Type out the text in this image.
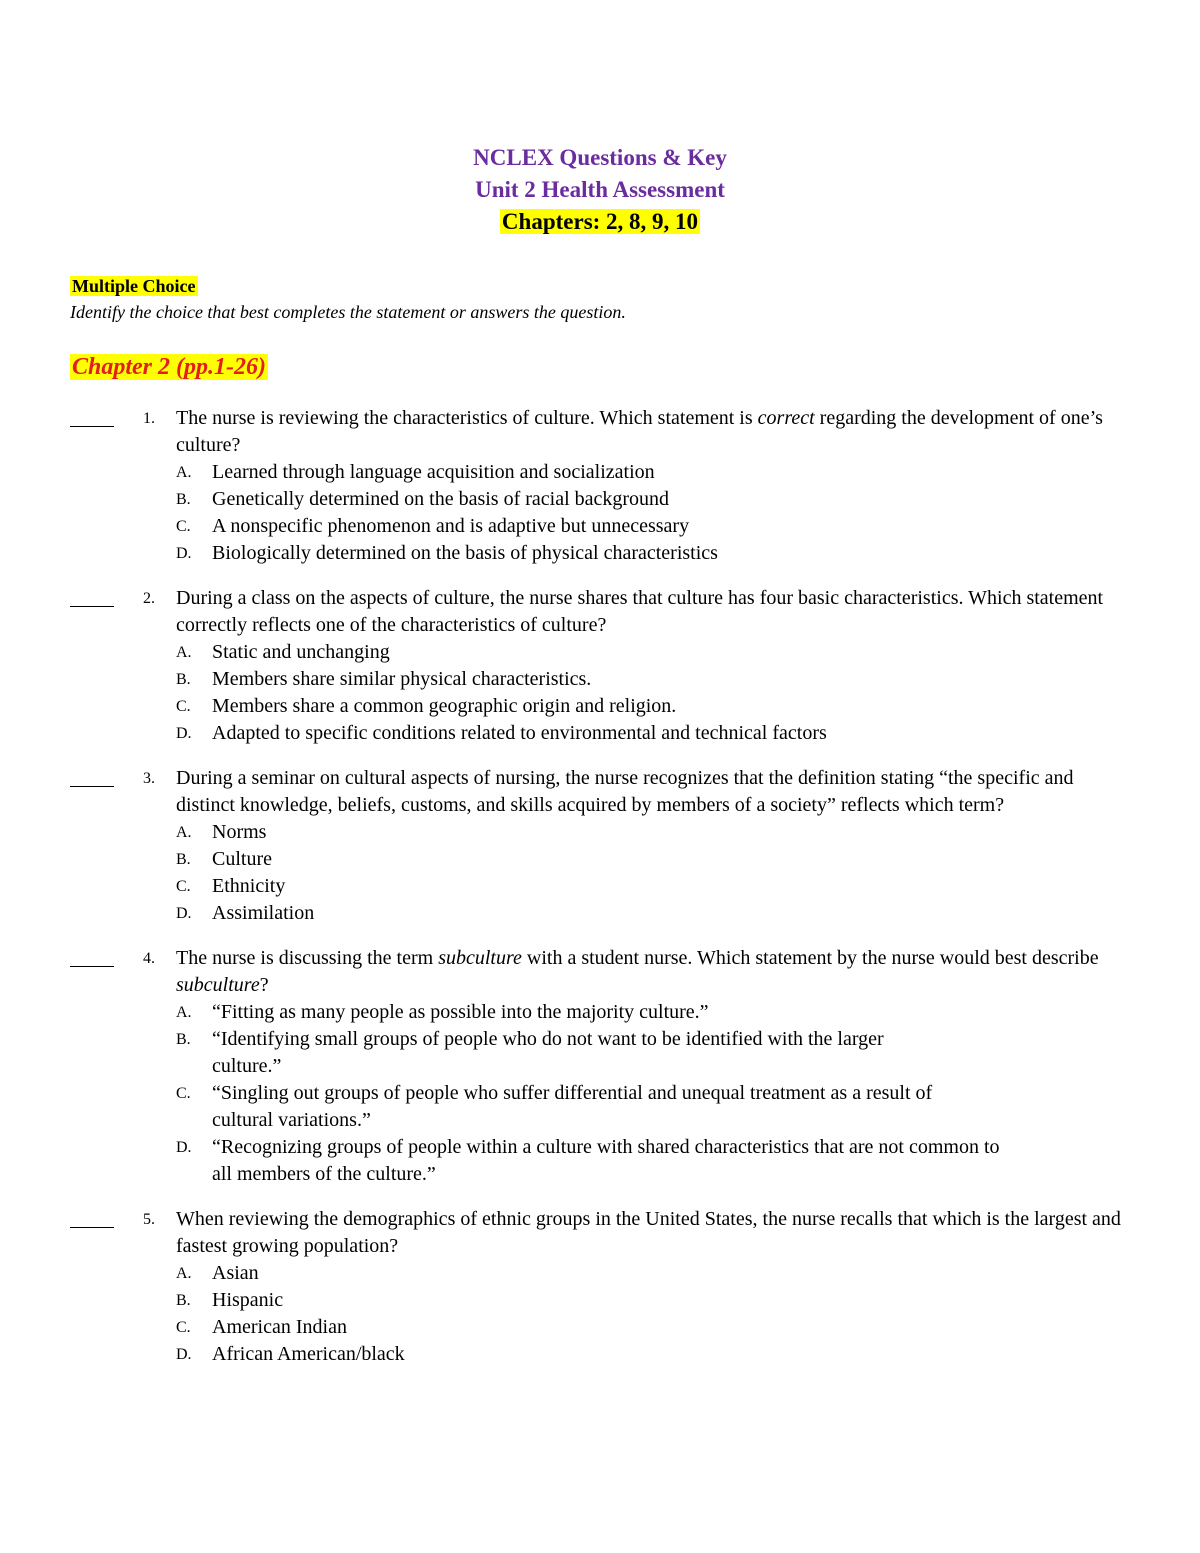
NCLEX Questions & Key
Unit 2 Health Assessment
Chapters: 2, 8, 9, 10
Multiple Choice
Identify the choice that best completes the statement or answers the question.
Chapter 2 (pp.1-26)
1. The nurse is reviewing the characteristics of culture. Which statement is correct regarding the development of one’s culture?
A. Learned through language acquisition and socialization
B. Genetically determined on the basis of racial background
C. A nonspecific phenomenon and is adaptive but unnecessary
D. Biologically determined on the basis of physical characteristics
2. During a class on the aspects of culture, the nurse shares that culture has four basic characteristics. Which statement correctly reflects one of the characteristics of culture?
A. Static and unchanging
B. Members share similar physical characteristics.
C. Members share a common geographic origin and religion.
D. Adapted to specific conditions related to environmental and technical factors
3. During a seminar on cultural aspects of nursing, the nurse recognizes that the definition stating “the specific and distinct knowledge, beliefs, customs, and skills acquired by members of a society” reflects which term?
A. Norms
B. Culture
C. Ethnicity
D. Assimilation
4. The nurse is discussing the term subculture with a student nurse. Which statement by the nurse would best describe subculture?
A. “Fitting as many people as possible into the majority culture.”
B. “Identifying small groups of people who do not want to be identified with the larger culture.”
C. “Singling out groups of people who suffer differential and unequal treatment as a result of cultural variations.”
D. “Recognizing groups of people within a culture with shared characteristics that are not common to all members of the culture.”
5. When reviewing the demographics of ethnic groups in the United States, the nurse recalls that which is the largest and fastest growing population?
A. Asian
B. Hispanic
C. American Indian
D. African American/black
